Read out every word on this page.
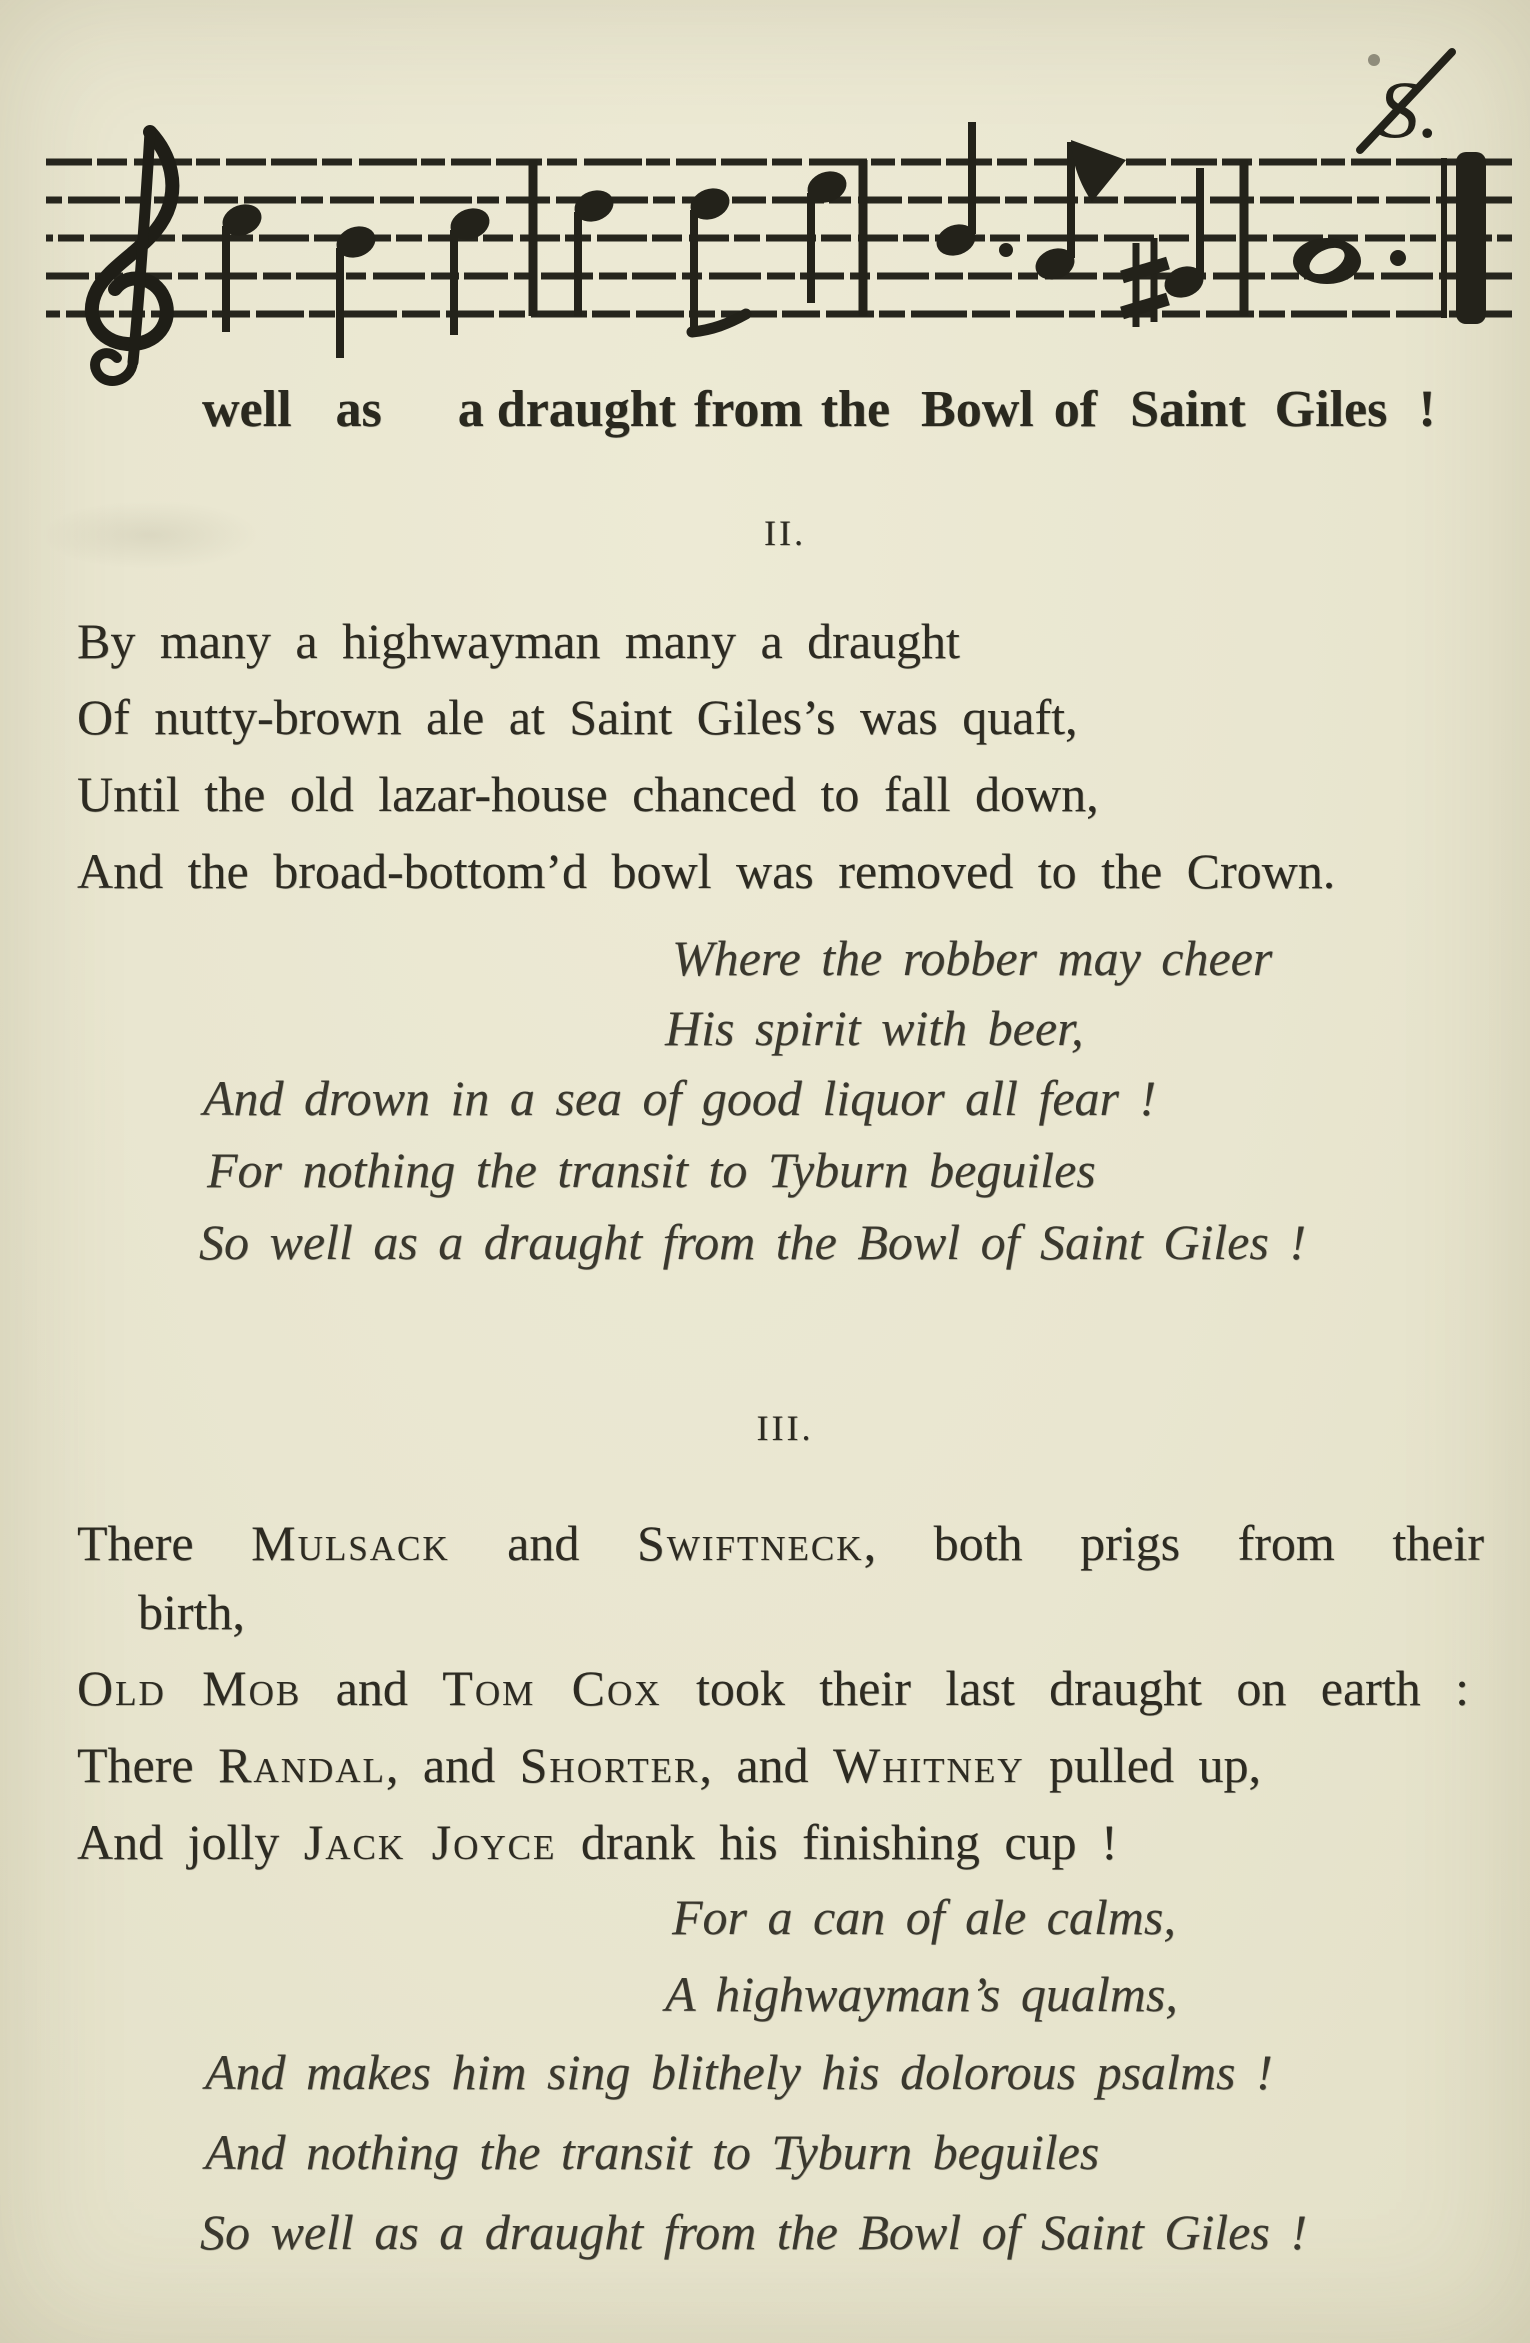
S.
well as a draught from the Bowl of Saint Giles !
II.
By many a highwayman many a draught
Of nutty-brown ale at Saint Giles’s was quaft,
Until the old lazar-house chanced to fall down,
And the broad-bottom’d bowl was removed to the Crown.
Where the robber may cheer
His spirit with beer,
And drown in a sea of good liquor all fear !
For nothing the transit to Tyburn beguiles
So well as a draught from the Bowl of Saint Giles !
III.
There Mulsack and Swiftneck, both prigs from their
birth,
Old Mob and Tom Cox took their last draught on earth :
There Randal, and Shorter, and Whitney pulled up,
And jolly Jack Joyce drank his finishing cup !
For a can of ale calms,
A highwayman’s qualms,
And makes him sing blithely his dolorous psalms !
And nothing the transit to Tyburn beguiles
So well as a draught from the Bowl of Saint Giles !
